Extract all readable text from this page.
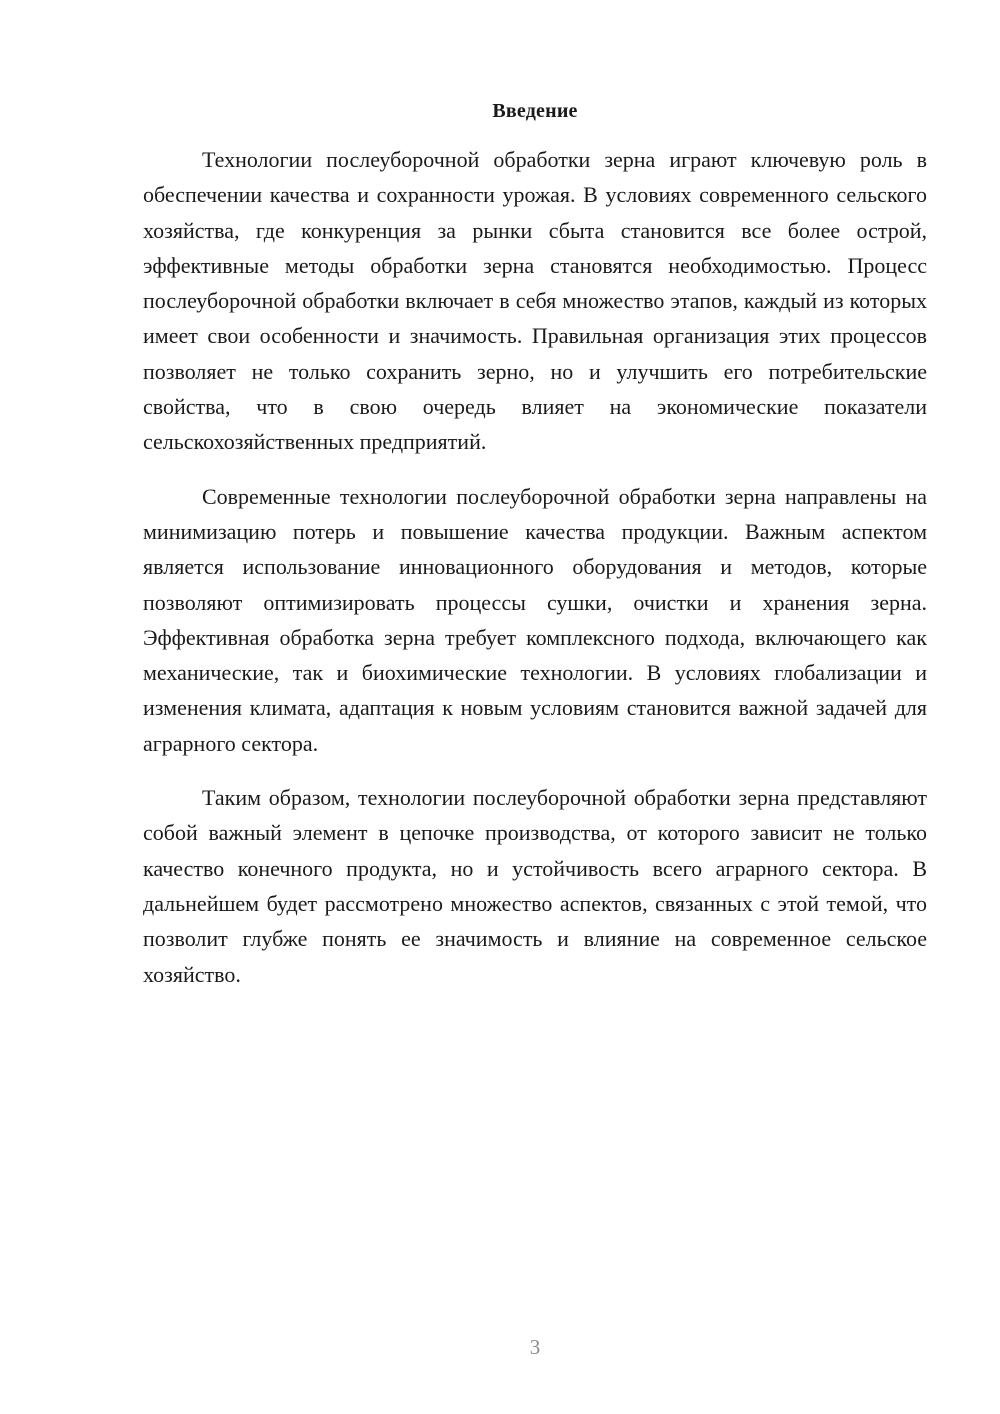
Введение

Технологии послеуборочной обработки зерна играют ключевую роль в обеспечении качества и сохранности урожая. В условиях современного сельского хозяйства, где конкуренция за рынки сбыта становится все более острой, эффективные методы обработки зерна становятся необходимостью. Процесс послеуборочной обработки включает в себя множество этапов, каждый из которых имеет свои особенности и значимость. Правильная организация этих процессов позволяет не только сохранить зерно, но и улучшить его потребительские свойства, что в свою очередь влияет на экономические показатели сельскохозяйственных предприятий.

Современные технологии послеуборочной обработки зерна направлены на минимизацию потерь и повышение качества продукции. Важным аспектом является использование инновационного оборудования и методов, которые позволяют оптимизировать процессы сушки, очистки и хранения зерна. Эффективная обработка зерна требует комплексного подхода, включающего как механические, так и биохимические технологии. В условиях глобализации и изменения климата, адаптация к новым условиям становится важной задачей для аграрного сектора.

Таким образом, технологии послеуборочной обработки зерна представляют собой важный элемент в цепочке производства, от которого зависит не только качество конечного продукта, но и устойчивость всего аграрного сектора. В дальнейшем будет рассмотрено множество аспектов, связанных с этой темой, что позволит глубже понять ее значимость и влияние на современное сельское хозяйство.

3
